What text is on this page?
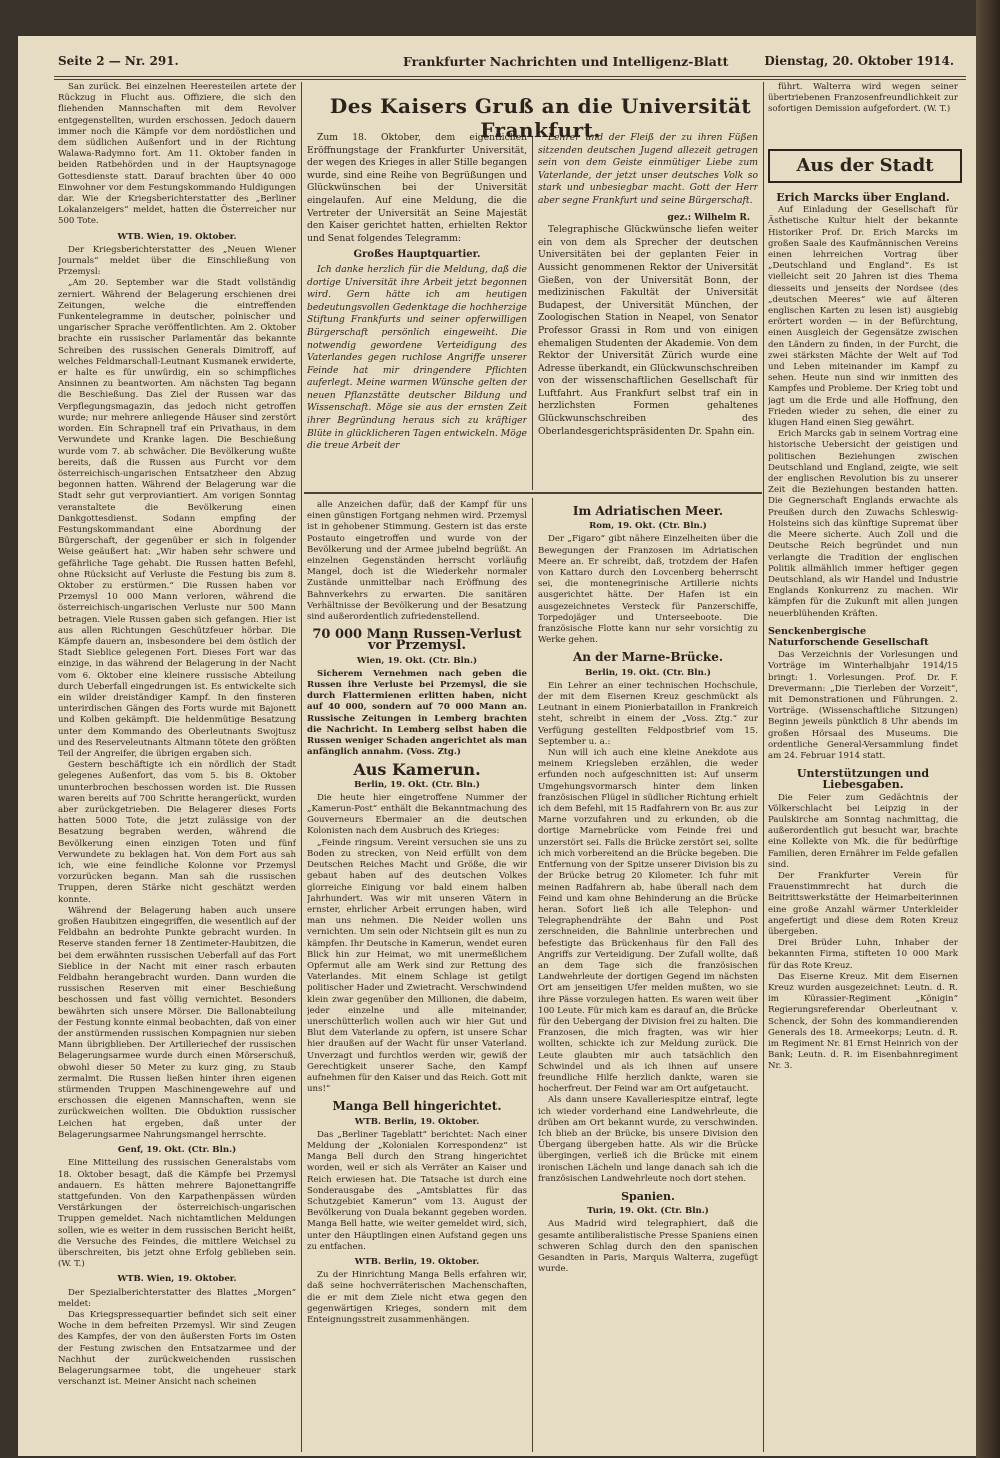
Seite 2 — Nr. 291.	Frankfurter Nachrichten und Intelligenz-Blatt	Dienstag, 20. Oktober 1914.
Des Kaisers Gruß an die Universität Frankfurt.

San zurück. Bei einzelnen Heeresteilen artete der Rückzug in Flucht aus. Offiziere, die sich den fliehenden Mannschaften mit dem Revolver entgegenstellten, wurden erschossen. Jedoch dauern immer noch die Kämpfe vor dem nordöstlichen und dem südlichen Außenfort und in der Richtung Walawa-Radymno fort. Am 11. Oktober fanden in beiden Ratbehörden und in der Hauptsynagoge Gottesdienste statt. Darauf brachten über 40 000 Einwohner vor dem Festungskommando Huldigungen dar. Wie der Kriegsberichterstatter des „Berliner Lokalanzeigers“ meldet, hatten die Österreicher nur 500 Tote.

WTB. Wien, 19. Oktober.

Der Kriegsberichterstatter des „Neuen Wiener Journals“ meldet über die Einschließung von Przemysl:

„Am 20. September war die Stadt vollständig zerniert. Während der Belagerung erschienen drei Zeitungen, welche die eintreffenden Funkentelegramme in deutscher, polnischer und ungarischer Sprache veröffentlichten. Am 2. Oktober brachte ein russischer Parlamentär das bekannte Schreiben des russischen Generals Dimitroff, auf welches Feldmarschall-Leutnant Kusmanek erwiderte, er halte es für unwürdig, ein so schimpfliches Ansinnen zu beantworten. Am nächsten Tag begann die Beschießung. Das Ziel der Russen war das Verpflegungsmagazin, das jedoch nicht getroffen wurde; nur mehrere anliegende Häuser sind zerstört worden. Ein Schrapnell traf ein Privathaus, in dem Verwundete und Kranke lagen. Die Beschießung wurde vom 7. ab schwächer. Die Bevölkerung wußte bereits, daß die Russen aus Furcht vor dem österreichisch-ungarischen Entsatzheer den Abzug begonnen hatten. Während der Belagerung war die Stadt sehr gut verproviantiert. Am vorigen Sonntag veranstaltete die Bevölkerung einen Dankgottesdienst. Sodann empfing der Festungskommandant eine Abordnung der Bürgerschaft, der gegenüber er sich in folgender Weise geäußert hat: „Wir haben sehr schwere und gefährliche Tage gehabt. Die Russen hatten Befehl, ohne Rücksicht auf Verluste die Festung bis zum 8. Oktober zu erstürmen.“ Die Russen haben vor Przemysl 10 000 Mann verloren, während die österreichisch-ungarischen Verluste nur 500 Mann betragen. Viele Russen gaben sich gefangen. Hier ist aus allen Richtungen Geschützfeuer hörbar. Die Kämpfe dauern an, insbesondere bei dem östlich der Stadt Sieblice gelegenen Fort. Dieses Fort war das einzige, in das während der Belagerung in der Nacht vom 6. Oktober eine kleinere russische Abteilung durch Ueberfall eingedrungen ist. Es entwickelte sich ein wilder dreiständiger Kampf. In den finsteren unterirdischen Gängen des Forts wurde mit Bajonett und Kolben gekämpft. Die heldenmütige Besatzung unter dem Kommando des Oberleutnants Swojtusz und des Reserveleutnants Altmann tötete den größten Teil der Angreifer, die übrigen ergaben sich.

Gestern beschäftigte ich ein nördlich der Stadt gelegenes Außenfort, das vom 5. bis 8. Oktober ununterbrochen beschossen worden ist. Die Russen waren bereits auf 700 Schritte herangerückt, wurden aber zurückgetrieben. Die Belagerer dieses Forts hatten 5000 Tote, die jetzt zulässige von der Besatzung begraben werden, während die Bevölkerung einen einzigen Toten und fünf Verwundete zu beklagen hat. Von dem Fort aus sah ich, wie eine feindliche Kolonne vor Przemysl vorzurücken begann. Man sah die russischen Truppen, deren Stärke nicht geschätzt werden konnte.

Während der Belagerung haben auch unsere großen Haubitzen eingegriffen, die wesentlich auf der Feldbahn an bedrohte Punkte gebracht wurden. In Reserve standen ferner 18 Zentimeter-Haubitzen, die bei dem erwähnten russischen Ueberfall auf das Fort Sieblice in der Nacht mit einer rasch erbauten Feldbahn herangebracht wurden. Dann wurden die russischen Reserven mit einer Beschießung beschossen und fast völlig vernichtet. Besonders bewährten sich unsere Mörser. Die Ballonabteilung der Festung konnte einmal beobachten, daß von einer der anstürmenden russischen Kompagnien nur sieben Mann übrigblieben. Der Artilleriechef der russischen Belagerungsarmee wurde durch einen Mörserschuß, obwohl dieser 50 Meter zu kurz ging, zu Staub zermalmt. Die Russen ließen hinter ihren eigenen stürmenden Truppen Maschinengewehre auf und erschossen die eigenen Mannschaften, wenn sie zurückweichen wollten. Die Obduktion russischer Leichen hat ergeben, daß unter der Belagerungsarmee Nahrungsmangel herrschte.

Genf, 19. Okt. (Ctr. Bln.)

Eine Mitteilung des russischen Generalstabs vom 18. Oktober besagt, daß die Kämpfe bei Przemysl andauern. Es hätten mehrere Bajonettangriffe stattgefunden. Von den Karpathenpässen würden Verstärkungen der österreichisch-ungarischen Truppen gemeldet. Nach nichtamtlichen Meldungen sollen, wie es weiter in dem russischen Bericht heißt, die Versuche des Feindes, die mittlere Weichsel zu überschreiten, bis jetzt ohne Erfolg geblieben sein. (W. T.)

WTB. Wien, 19. Oktober.

Der Spezialberichterstatter des Blattes „Morgen“ meldet:

Das Kriegspressequartier befindet sich seit einer Woche in dem befreiten Przemysl. Wir sind Zeugen des Kampfes, der von den äußersten Forts im Osten der Festung zwischen den Entsatzarmee und der Nachhut der zurückweichenden russischen Belagerungsarmee tobt, die ungeheuer stark verschanzt ist. Meiner Ansicht nach scheinen

Zum 18. Oktober, dem eigentlichen Eröffnungstage der Frankfurter Universität, der wegen des Krieges in aller Stille begangen wurde, sind eine Reihe von Begrüßungen und Glückwünschen bei der Universität eingelaufen. Auf eine Meldung, die die Vertreter der Universität an Seine Majestät den Kaiser gerichtet hatten, erhielten Rektor und Senat folgendes Telegramm:

Großes Hauptquartier.

Ich danke herzlich für die Meldung, daß die dortige Universität ihre Arbeit jetzt begonnen wird. Gern hätte ich am heutigen bedeutungsvollen Gedenktage die hochherzige Stiftung Frankfurts und seiner opferwilligen Bürgerschaft persönlich eingeweiht. Die notwendig gewordene Verteidigung des Vaterlandes gegen ruchlose Angriffe unserer Feinde hat mir dringendere Pflichten auferlegt. Meine warmen Wünsche gelten der neuen Pflanzstätte deutscher Bildung und Wissenschaft. Möge sie aus der ernsten Zeit ihrer Begründung heraus sich zu kräftiger Blüte in glücklicheren Tagen entwickeln. Möge die treue Arbeit der

Lehrer und der Fleiß der zu ihren Füßen sitzenden deutschen Jugend allezeit getragen sein von dem Geiste einmütiger Liebe zum Vaterlande, der jetzt unser deutsches Volk so stark und unbesiegbar macht. Gott der Herr aber segne Frankfurt und seine Bürgerschaft.

gez.: Wilhelm R.

Telegraphische Glückwünsche liefen weiter ein von dem als Sprecher der deutschen Universitäten bei der geplanten Feier in Aussicht genommenen Rektor der Universität Gießen, von der Universität Bonn, der medizinischen Fakultät der Universität Budapest, der Universität München, der Zoologischen Station in Neapel, von Senator Professor Grassi in Rom und von einigen ehemaligen Studenten der Akademie. Von dem Rektor der Universität Zürich wurde eine Adresse überkandt, ein Glückwunschschreiben von der wissenschaftlichen Gesellschaft für Luftfahrt. Aus Frankfurt selbst traf ein in herzlichsten Formen gehaltenes Glückwunschschreiben des Oberlandesgerichtspräsidenten Dr. Spahn ein.

alle Anzeichen dafür, daß der Kampf für uns einen günstigen Fortgang nehmen wird. Przemysl ist in gehobener Stimmung. Gestern ist das erste Postauto eingetroffen und wurde von der Bevölkerung und der Armee jubelnd begrüßt. An einzelnen Gegenständen herrscht vorläufig Mangel, doch ist die Wiederkehr normaler Zustände unmittelbar nach Eröffnung des Bahnverkehrs zu erwarten. Die sanitären Verhältnisse der Bevölkerung und der Besatzung sind außerordentlich zufriedenstellend.

70 000 Mann Russen-Verlust vor Przemysl.
Wien, 19. Okt. (Ctr. Bln.)

Sicherem Vernehmen nach geben die Russen ihre Verluste bei Przemysl, die sie durch Flattermienen erlitten haben, nicht auf 40 000, sondern auf 70 000 Mann an. Russische Zeitungen in Lemberg brachten die Nachricht. In Lemberg selbst haben die Russen weniger Schaden angerichtet als man anfänglich annahm. (Voss. Ztg.)

Aus Kamerun.
Berlin, 19. Okt. (Ctr. Bln.)

Die heute hier eingetroffene Nummer der „Kamerun-Post“ enthält die Bekanntmachung des Gouverneurs Ebermaier an die deutschen Kolonisten nach dem Ausbruch des Krieges:

„Feinde ringsum. Vereint versuchen sie uns zu Boden zu strecken, von Neid erfüllt von dem Deutschen Reiches Macht und Größe, die wir gebaut haben auf des deutschen Volkes glorreiche Einigung vor bald einem halben Jahrhundert. Was wir mit unseren Vätern in ernster, ehrlicher Arbeit errungen haben, wird man uns nehmen. Die Neider wollen uns vernichten. Um sein oder Nichtsein gilt es nun zu kämpfen. Ihr Deutsche in Kamerun, wendet euren Blick hin zur Heimat, wo mit unermeßlichem Opfermut alle am Werk sind zur Rettung des Vaterlandes. Mit einem Schlage ist getilgt politischer Hader und Zwietracht. Verschwindend klein zwar gegenüber den Millionen, die dabeim, jeder einzelne und alle miteinander, unerschütterlich wollen auch wir hier Gut und Blut dem Vaterlande zu opfern, ist unsere Schar hier draußen auf der Wacht für unser Vaterland. Unverzagt und furchtlos werden wir, gewiß der Gerechtigkeit unserer Sache, den Kampf aufnehmen für den Kaiser und das Reich. Gott mit uns!“

Manga Bell hingerichtet.
WTB. Berlin, 19. Oktober.

Das „Berliner Tageblatt“ berichtet: Nach einer Meldung der „Kolonialen Korrespondenz“ ist Manga Bell durch den Strang hingerichtet worden, weil er sich als Verräter an Kaiser und Reich erwiesen hat. Die Tatsache ist durch eine Sonderausgabe des „Amtsblattes für das Schutzgebiet Kamerun“ vom 13. August der Bevölkerung von Duala bekannt gegeben worden. Manga Bell hatte, wie weiter gemeldet wird, sich, unter den Häuptlingen einen Aufstand gegen uns zu entfachen.

WTB. Berlin, 19. Oktober.

Zu der Hinrichtung Manga Bells erfahren wir, daß seine hochverräterischen Machenschaften, die er mit dem Ziele nicht etwa gegen den gegenwärtigen Krieges, sondern mit dem Enteignungsstreit zusammenhängen.

Im Adriatischen Meer.
Rom, 19. Okt. (Ctr. Bln.)

Der „Figaro“ gibt nähere Einzelheiten über die Bewegungen der Franzosen im Adriatischen Meere an. Er schreibt, daß, trotzdem der Hafen von Kattaro durch den Lovcenberg beherrscht sei, die montenegrinische Artillerie nichts ausgerichtet hätte. Der Hafen ist ein ausgezeichnetes Versteck für Panzerschiffe, Torpedojäger und Unterseeboote. Die französische Flotte kann nur sehr vorsichtig zu Werke gehen.

An der Marne-Brücke.
Berlin, 19. Okt. (Ctr. Bln.)

Ein Lehrer an einer technischen Hochschule, der mit dem Eisernen Kreuz geschmückt als Leutnant in einem Pionierbataillon in Frankreich steht, schreibt in einem der „Voss. Ztg.“ zur Verfügung gestellten Feldpostbrief vom 15. September u. a.:

Nun will ich auch eine kleine Anekdote aus meinem Kriegsleben erzählen, die weder erfunden noch aufgeschnitten ist: Auf unserm Umgehungsvormarsch hinter dem linken französischen Flügel in südlicher Richtung erhielt ich dem Befehl, mit 15 Radfahrern von Br. aus zur Marne vorzufahren und zu erkunden, ob die dortige Marnebrücke vom Feinde frei und unzerstört sei. Falls die Brücke zerstört sei, sollte ich mich vorbereitend an die Brücke begeben. Die Entfernung von der Spitze unserer Division bis zu der Brücke betrug 20 Kilometer. Ich fuhr mit meinen Radfahrern ab, habe überall nach dem Feind und kam ohne Behinderung an die Brücke heran. Sofort ließ ich alle Telephon- und Telegraphendrähte der Bahn und Post zerschneiden, die Bahnlinie unterbrechen und befestigte das Brückenhaus für den Fall des Angriffs zur Verteidigung. Der Zufall wollte, daß an dem Tage sich die französischen Landwehrleute der dortigen Gegend im nächsten Ort am jenseitigen Ufer melden mußten, wo sie ihre Pässe vorzulegen hatten. Es waren weit über 100 Leute. Für mich kam es darauf an, die Brücke für den Uebergang der Division frei zu halten. Die Franzosen, die mich fragten, was wir hier wollten, schickte ich zur Meldung zurück. Die Leute glaubten mir auch tatsächlich den Schwindel und als ich ihnen auf unsere freundliche Hilfe herzlich dankte, waren sie hocherfreut. Der Feind war am Ort aufgetaucht.

Als dann unsere Kavalleriespitze eintraf, legte ich wieder vorderhand eine Landwehrleute, die drüben am Ort bekannt wurde, zu verschwinden. Ich blieb an der Brücke, bis unsere Division den Übergang übergeben hatte. Als wir die Brücke übergingen, verließ ich die Brücke mit einem ironischen Lächeln und lange danach sah ich die französischen Landwehrleute noch dort stehen.

Spanien.
Turin, 19. Okt. (Ctr. Bln.)

Aus Madrid wird telegraphiert, daß die gesamte antiliberalistische Presse Spaniens einen schweren Schlag durch den den spanischen Gesandten in Paris, Marquis Walterra, zugefügt wurde.

führt. Walterra wird wegen seiner übertriebenen Franzosenfreundlichkeit zur sofortigen Demission aufgefordert. (W. T.)

Aus der Stadt
Erich Marcks über England.

Auf Einladung der Gesellschaft für Ästhetische Kultur hielt der bekannte Historiker Prof. Dr. Erich Marcks im großen Saale des Kaufmännischen Vereins einen lehrreichen Vortrag über „Deutschland und England“. Es ist vielleicht seit 20 Jahren ist dies Thema diesseits und jenseits der Nordsee (des „deutschen Meeres“ wie auf älteren englischen Karten zu lesen ist) ausgiebig erörtert worden — in der Befürchtung, einen Ausgleich der Gegensätze zwischen den Ländern zu finden, in der Furcht, die zwei stärksten Mächte der Welt auf Tod und Leben miteinander im Kampf zu sehen. Heute nun sind wir inmitten des Kampfes und Probleme. Der Krieg tobt und jagt um die Erde und alle Hoffnung, den Frieden wieder zu sehen, die einer zu klugen Hand einen Sieg gewährt.

Erich Marcks gab in seinem Vortrag eine historische Uebersicht der geistigen und politischen Beziehungen zwischen Deutschland und England, zeigte, wie seit der englischen Revolution bis zu unserer Zeit die Beziehungen bestanden hatten. Die Gegnerschaft Englands erwachte als Preußen durch den Zuwachs Schleswig-Holsteins sich das künftige Supremat über die Meere sicherte. Auch Zoll und die Deutsche Reich begründet und nun verlangte die Tradition der englischen Politik allmählich immer heftiger gegen Deutschland, als wir Handel und Industrie Englands Konkurrenz zu machen. Wir kämpfen für die Zukunft mit allen jungen neuerblühenden Kräften.

Senckenbergische Naturforschende Gesellschaft

Das Verzeichnis der Vorlesungen und Vorträge im Winterhalbjahr 1914/15 bringt: 1. Vorlesungen. Prof. Dr. F. Drevermann: „Die Tierleben der Vorzeit“, mit Demonstrationen und Führungen. 2. Vorträge. (Wissenschaftliche Sitzungen) Beginn jeweils pünktlich 8 Uhr abends im großen Hörsaal des Museums. Die ordentliche General-Versammlung findet am 24. Februar 1914 statt.

Unterstützungen und Liebesgaben.

Die Feier zum Gedächtnis der Völkerschlacht bei Leipzig in der Paulskirche am Sonntag nachmittag, die außerordentlich gut besucht war, brachte eine Kollekte von Mk. die für bedürftige Familien, deren Ernährer im Felde gefallen sind.

Der Frankfurter Verein für Frauenstimmrecht hat durch die Beitrittswerkstätte der Heimarbeiterinnen eine große Anzahl wärmer Unterkleider angefertigt und diese dem Roten Kreuz übergeben.

Drei Brüder Luhn, Inhaber der bekannten Firma, stifteten 10 000 Mark für das Rote Kreuz.

Das Eiserne Kreuz. Mit dem Eisernen Kreuz wurden ausgezeichnet: Leutn. d. R. im Kürassier-Regiment „Königin“ Regierungsreferendar Oberleutnant v. Schenck, der Sohn des kommandierenden Generals des 18. Armeekorps; Leutn. d. R. im Regiment Nr. 81 Ernst Heinrich von der Bank; Leutn. d. R. im Eisenbahnregiment Nr. 3.
